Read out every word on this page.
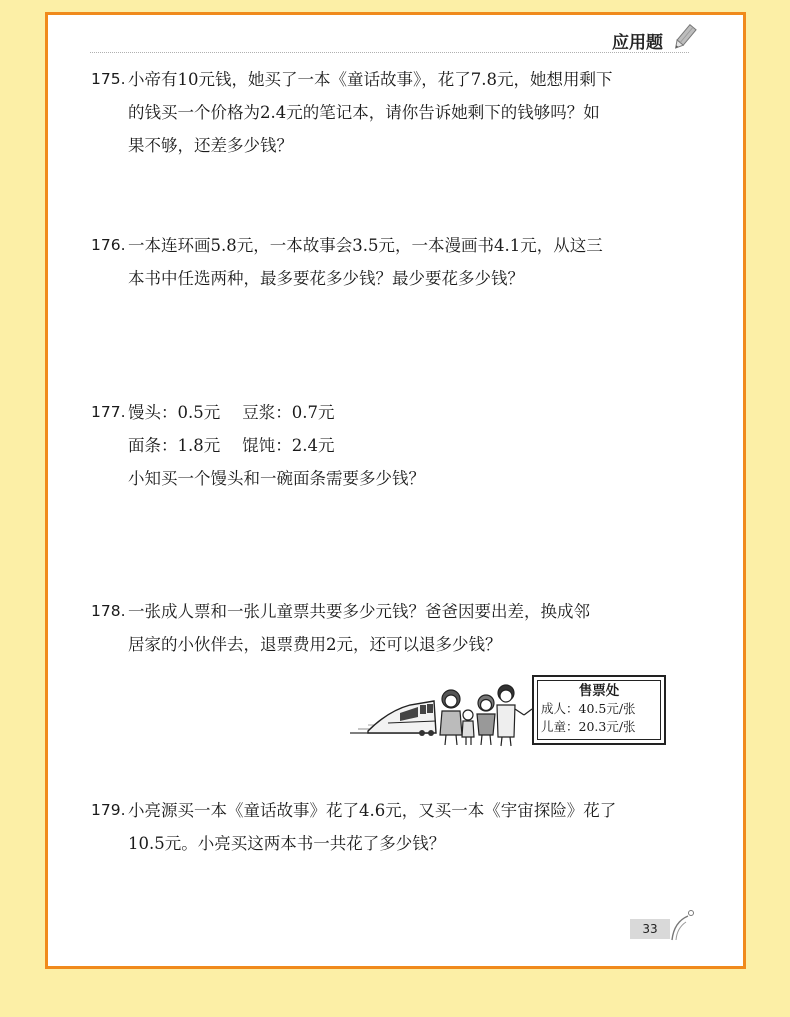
应用题
175. 小帝有10元钱，她买了一本《童话故事》，花了7.8元，她想用剩下
的钱买一个价格为2.4元的笔记本，请你告诉她剩下的钱够吗？如
果不够，还差多少钱？
176. 一本连环画5.8元，一本故事会3.5元，一本漫画书4.1元，从这三
本书中任选两种，最多要花多少钱？最少要花多少钱？
177. 馒头：0.5元 豆浆：0.7元
面条：1.8元 馄饨：2.4元
小知买一个馒头和一碗面条需要多少钱？
178. 一张成人票和一张儿童票共要多少元钱？爸爸因要出差，换成邻
居家的小伙伴去，退票费用2元，还可以退多少钱？
售票处
成人：40.5元/张
儿童：20.3元/张
179. 小亮源买一本《童话故事》花了4.6元，又买一本《宇宙探险》花了
10.5元。小亮买这两本书一共花了多少钱？
33
